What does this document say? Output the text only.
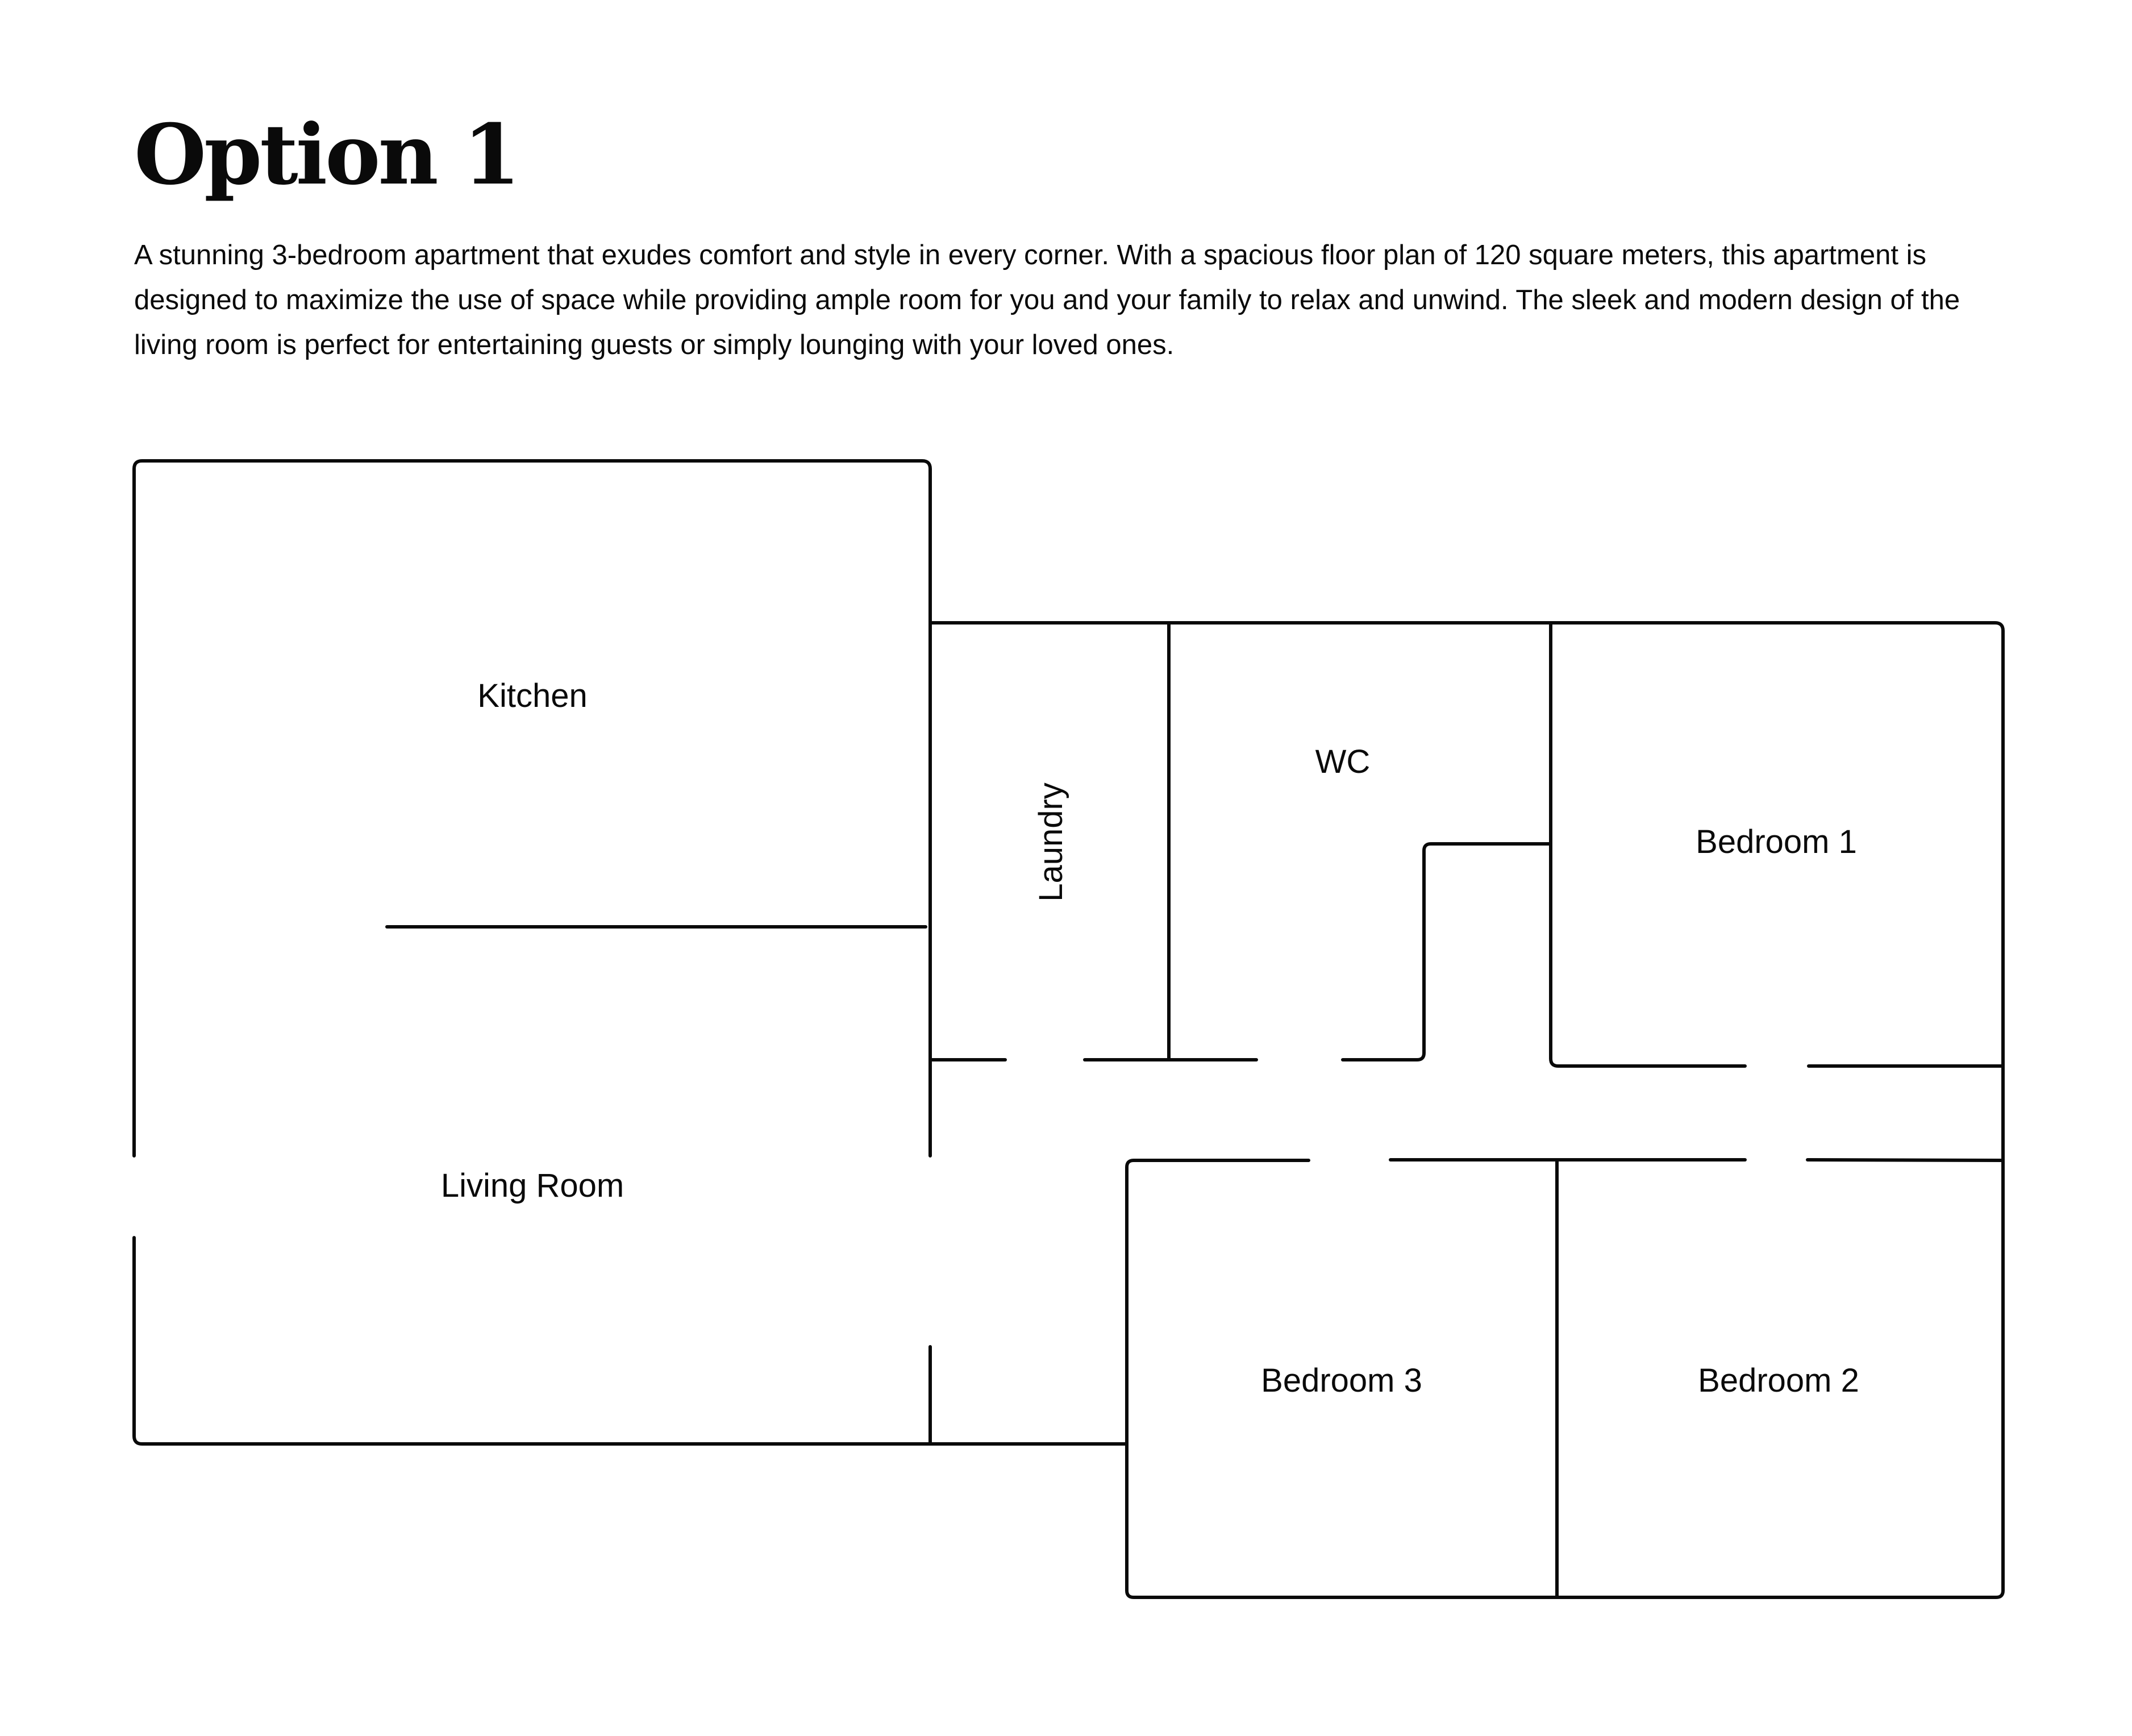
Option 1

A stunning 3-bedroom apartment that exudes comfort and style in every corner. With a spacious floor plan of 120 square meters, this apartment is designed to maximize the use of space while providing ample room for you and your family to relax and unwind. The sleek and modern design of the living room is perfect for entertaining guests or simply lounging with your loved ones.

Kitchen
Living Room
Laundry
WC
Bedroom 1
Bedroom 3	Bedroom 2
